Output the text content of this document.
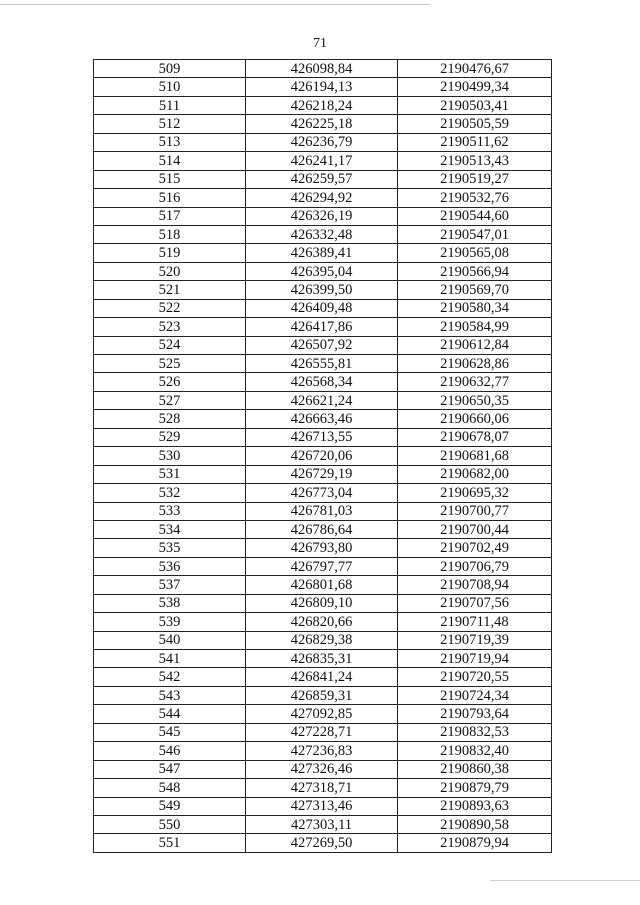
71
509	426098,84	2190476,67
510	426194,13	2190499,34
511	426218,24	2190503,41
512	426225,18	2190505,59
513	426236,79	2190511,62
514	426241,17	2190513,43
515	426259,57	2190519,27
516	426294,92	2190532,76
517	426326,19	2190544,60
518	426332,48	2190547,01
519	426389,41	2190565,08
520	426395,04	2190566,94
521	426399,50	2190569,70
522	426409,48	2190580,34
523	426417,86	2190584,99
524	426507,92	2190612,84
525	426555,81	2190628,86
526	426568,34	2190632,77
527	426621,24	2190650,35
528	426663,46	2190660,06
529	426713,55	2190678,07
530	426720,06	2190681,68
531	426729,19	2190682,00
532	426773,04	2190695,32
533	426781,03	2190700,77
534	426786,64	2190700,44
535	426793,80	2190702,49
536	426797,77	2190706,79
537	426801,68	2190708,94
538	426809,10	2190707,56
539	426820,66	2190711,48
540	426829,38	2190719,39
541	426835,31	2190719,94
542	426841,24	2190720,55
543	426859,31	2190724,34
544	427092,85	2190793,64
545	427228,71	2190832,53
546	427236,83	2190832,40
547	427326,46	2190860,38
548	427318,71	2190879,79
549	427313,46	2190893,63
550	427303,11	2190890,58
551	427269,50	2190879,94
